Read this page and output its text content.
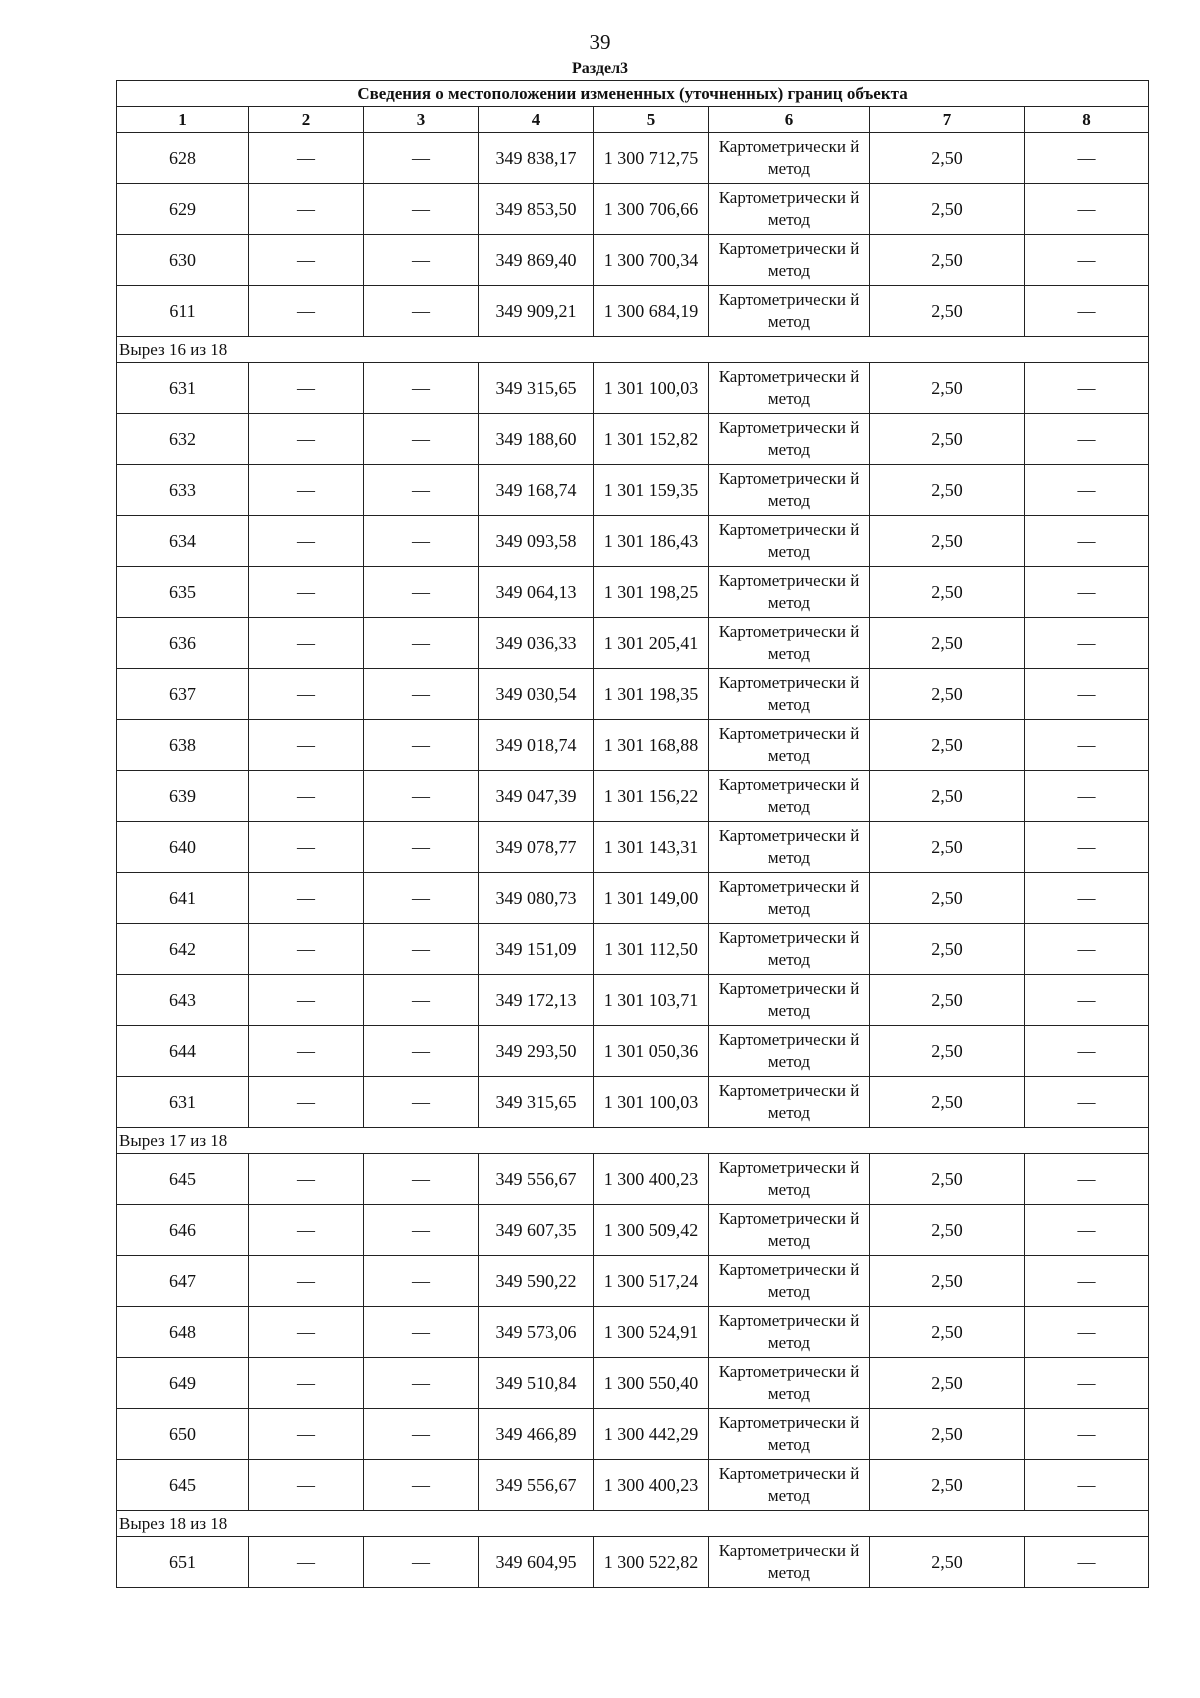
39
Раздел3
Сведения о местоположении измененных (уточненных) границ объекта							
1	2	3	4	5	6	7	8
628	—	—	349 838,17	1 300 712,75	Картометрически й метод	2,50	—
629	—	—	349 853,50	1 300 706,66	Картометрически й метод	2,50	—
630	—	—	349 869,40	1 300 700,34	Картометрически й метод	2,50	—
611	—	—	349 909,21	1 300 684,19	Картометрически й метод	2,50	—
Вырез 16 из 18							
631	—	—	349 315,65	1 301 100,03	Картометрически й метод	2,50	—
632	—	—	349 188,60	1 301 152,82	Картометрически й метод	2,50	—
633	—	—	349 168,74	1 301 159,35	Картометрически й метод	2,50	—
634	—	—	349 093,58	1 301 186,43	Картометрически й метод	2,50	—
635	—	—	349 064,13	1 301 198,25	Картометрически й метод	2,50	—
636	—	—	349 036,33	1 301 205,41	Картометрически й метод	2,50	—
637	—	—	349 030,54	1 301 198,35	Картометрически й метод	2,50	—
638	—	—	349 018,74	1 301 168,88	Картометрически й метод	2,50	—
639	—	—	349 047,39	1 301 156,22	Картометрически й метод	2,50	—
640	—	—	349 078,77	1 301 143,31	Картометрически й метод	2,50	—
641	—	—	349 080,73	1 301 149,00	Картометрически й метод	2,50	—
642	—	—	349 151,09	1 301 112,50	Картометрически й метод	2,50	—
643	—	—	349 172,13	1 301 103,71	Картометрически й метод	2,50	—
644	—	—	349 293,50	1 301 050,36	Картометрически й метод	2,50	—
631	—	—	349 315,65	1 301 100,03	Картометрически й метод	2,50	—
Вырез 17 из 18							
645	—	—	349 556,67	1 300 400,23	Картометрически й метод	2,50	—
646	—	—	349 607,35	1 300 509,42	Картометрически й метод	2,50	—
647	—	—	349 590,22	1 300 517,24	Картометрически й метод	2,50	—
648	—	—	349 573,06	1 300 524,91	Картометрически й метод	2,50	—
649	—	—	349 510,84	1 300 550,40	Картометрически й метод	2,50	—
650	—	—	349 466,89	1 300 442,29	Картометрически й метод	2,50	—
645	—	—	349 556,67	1 300 400,23	Картометрически й метод	2,50	—
Вырез 18 из 18							
651	—	—	349 604,95	1 300 522,82	Картометрически й метод	2,50	—
